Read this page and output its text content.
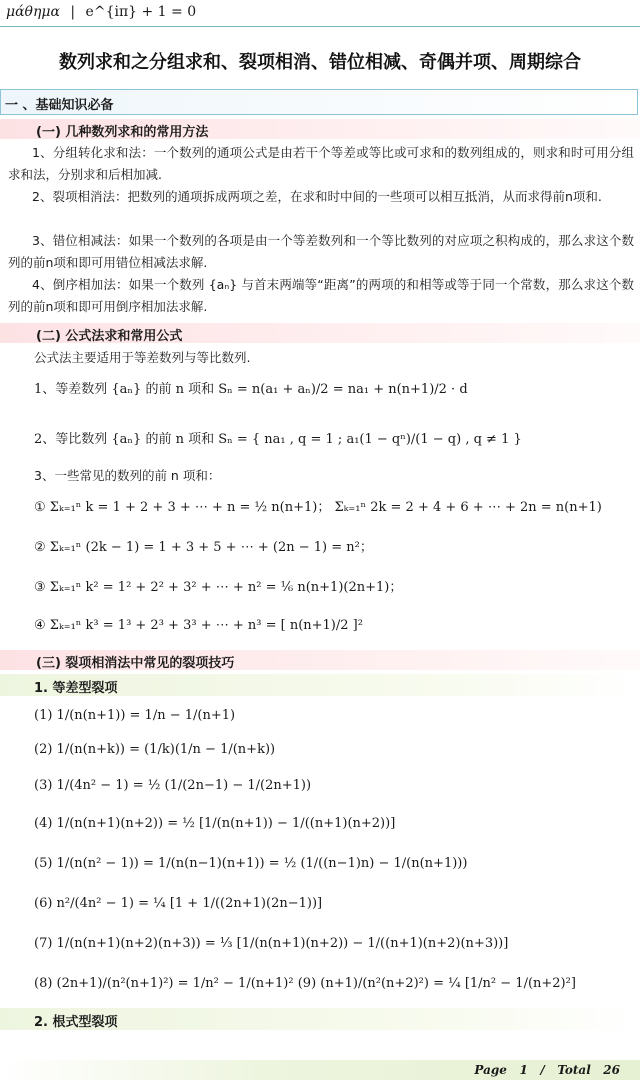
μάθημα | e^{iπ} + 1 = 0
数列求和之分组求和、裂项相消、错位相减、奇偶并项、周期综合
一 、基础知识必备
(一) 几种数列求和的常用方法
1、分组转化求和法：一个数列的通项公式是由若干个等差或等比或可求和的数列组成的，则求和时可用分组求和法，分别求和后相加减.
2、裂项相消法：把数列的通项拆成两项之差，在求和时中间的一些项可以相互抵消，从而求得前n项和.
3、错位相减法：如果一个数列的各项是由一个等差数列和一个等比数列的对应项之积构成的，那么求这个数列的前n项和即可用错位相减法求解.
4、倒序相加法：如果一个数列 {aₙ} 与首末两端等“距离”的两项的和相等或等于同一个常数，那么求这个数列的前n项和即可用倒序相加法求解.
(二) 公式法求和常用公式
公式法主要适用于等差数列与等比数列.
1、等差数列 {aₙ} 的前 n 项和 Sₙ = n(a₁ + aₙ)/2 = na₁ + n(n+1)/2 · d
2、等比数列 {aₙ} 的前 n 项和 Sₙ = { na₁ , q = 1 ; a₁(1 − qⁿ)/(1 − q) , q ≠ 1 }
3、一些常见的数列的前 n 项和：
① Σₖ₌₁ⁿ k = 1 + 2 + 3 + ⋯ + n = ½ n(n+1)； Σₖ₌₁ⁿ 2k = 2 + 4 + 6 + ⋯ + 2n = n(n+1)
② Σₖ₌₁ⁿ (2k − 1) = 1 + 3 + 5 + ⋯ + (2n − 1) = n²；
③ Σₖ₌₁ⁿ k² = 1² + 2² + 3² + ⋯ + n² = ⅙ n(n+1)(2n+1)；
④ Σₖ₌₁ⁿ k³ = 1³ + 2³ + 3³ + ⋯ + n³ = [ n(n+1)/2 ]²
(三) 裂项相消法中常见的裂项技巧
1. 等差型裂项
(1) 1/(n(n+1)) = 1/n − 1/(n+1)
(2) 1/(n(n+k)) = (1/k)(1/n − 1/(n+k))
(3) 1/(4n² − 1) = ½ (1/(2n−1) − 1/(2n+1))
(4) 1/(n(n+1)(n+2)) = ½ [1/(n(n+1)) − 1/((n+1)(n+2))]
(5) 1/(n(n² − 1)) = 1/(n(n−1)(n+1)) = ½ (1/((n−1)n) − 1/(n(n+1)))
(6) n²/(4n² − 1) = ¼ [1 + 1/((2n+1)(2n−1))]
(7) 1/(n(n+1)(n+2)(n+3)) = ⅓ [1/(n(n+1)(n+2)) − 1/((n+1)(n+2)(n+3))]
(8) (2n+1)/(n²(n+1)²) = 1/n² − 1/(n+1)² (9) (n+1)/(n²(n+2)²) = ¼ [1/n² − 1/(n+2)²]
2. 根式型裂项
Page 1 / Total 26
